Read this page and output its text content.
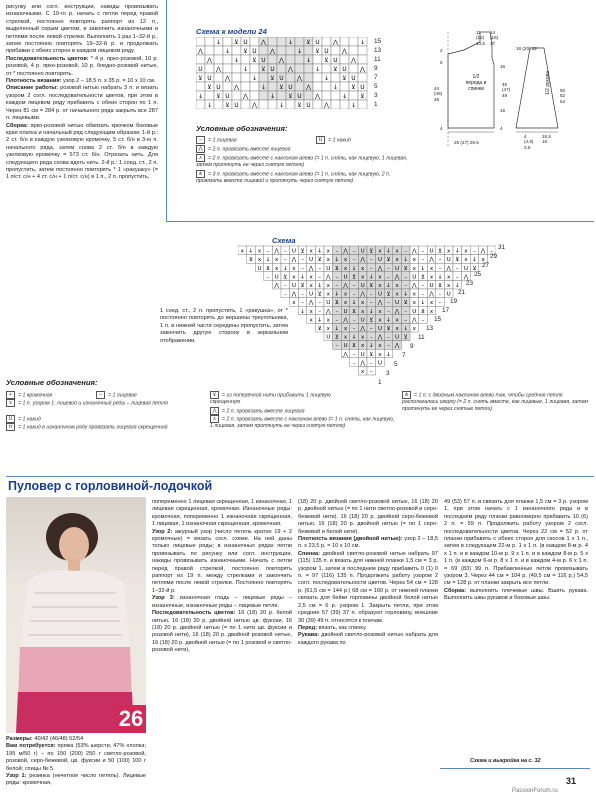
рисунку или согл. инструкции, накиды провязывать изнаночными. С 19-го р. начать с петли перед правой стрелкой, постоянно повторять раппорт из 12 п., выделенный серым цветом, и закончить изнаночными и петлями после левой стрелки. Выполнить 1 раз 1–32-й р., затем постоянно повторять 19–32-й р. и продолжать прибавки с обеих сторон в каждом лицевом ряду.

Последовательность цветов: * 4 р. ярко-розовой, 10 р. розовой, 4 р. ярко-розовой, 10 р. бледно-розовой нитью, от * постоянно повторять.

Плотность вязания: узор 2 – 18,5 п. х 35 р. = 10 х 10 см.

Описание работы: розовой нитью набрать 3 п. и вязать узором 2 согл. последовательности цветов, при этом в каждом лицевом ряду прибавить с обеих сторон по 1 п. Через 81 см = 284 р. от начального ряда закрыть все 287 п. лицевыми.

Сборка: ярко-розовой нитью обвязать крючком боковые края платка и начальный ряд следующим образом: 1-й р.: 2 ст. б/н в каждую узелковую кромочку, 5 ст. б/н в 3-ю п. начального ряда, затем снова 2 ст. б/н в каждую узелковую кромочку = 573 ст. б/н. Отрезать нить. Для следующего ряда снова вдеть нить. 2-й р.: 1 соед. ст., 2 п. пропустить, затем постоянно повторять * 1 «ракушку» (= 1 п/ст. с/н + 4 ст. с/н + 1 п/ст. с/н) в 1 п., 2 п. пропустить,

Схема к модели 24
↓ ⊻ U ⋀	↓ ⊻ U ⋀	↓
⋀	↓ ⊻ U ⋀	↓ ⊻ U ⋀
⋀	↓ ⊻ U ⋀	↓ ⊻ U ⋀
U ⋀	↓ ⊻ U ⋀	↓ ⊻ U ⋀
⊻ U ⋀	↓ ⊻ U ⋀	↓ ⊻ U
⊻ U ⋀	↓ ⊻ U ⋀	↓ ⊻ U
↓ ⊻ U ⋀	↓ ⊻ U ⋀	↓ ⊻
↓ ⊻ U ⋀	↓ ⊻ U ⋀	↓
15
13
11
9
7
5
3
1
Условные обозначения:
– = 1 лицевая	U = 1 накид
⋀ = 2 п. провязать вместе лицевой
⋏ = 2 п. провязать вместе с наклоном влево (= 1 п. снять, как лицевую, 1 лицевая, затем протянуть ее через снятую петлю)
⋔ = 3 п. провязать вместе с наклоном влево (= 1 п. снять, как лицевую, 2 п. провязать вместе лицевой и протянуть через снятую петлю)
1/2 переда и спинки	1/2 рукава
11
(12)
13,5
14
(15)
17
18 (20) 22
44
(46)
48
45
(47)
49
50
52
54
2
6
4	4
16
15
25 (27) 29,5
4
(4,5)
3,5
15,5
16
Схема
x ↓ x – ⋀ – U ⊻ x ↓ x – ⋀ – U ⊻ x ↓ x – ⋀ – U ⊻ x ↓ x – ⋀ –
⊻ x ↓ x – ⋀ – U ⊻ x ↓ x – ⋀ – U ⊻ x ↓ x – ⋀ – U ⊻ x ↓ x
U ⊻ x ↓ x – ⋀ – U ⊻ x ↓ x – ⋀ – U ⊻ x ↓ x – ⋀ – U ⊻
– U ⊻ x ↓ x – ⋀ – U ⊻ x ↓ x – ⋀ – U ⊻ x ↓ x – ⋀
⋀ – U ⊻ x ↓ x – ⋀ – U ⊻ x ↓ x – ⋀ – U ⊻ x ↓
– ⋀ – U ⊻ x ↓ x – ⋀ – U ⊻ x ↓ x – ⋀ – U
x – ⋀ – U ⊻ x ↓ x – ⋀ – U ⊻ x ↓ x –
↓ x – ⋀ – U ⊻ x ↓ x – ⋀ – U ⊻ x
x ↓ x – ⋀ – U ⊻ x ↓ x – ⋀ –
⊻ x ↓ x – ⋀ – U ⊻ x ↓ x
U ⊻ x ↓ x – ⋀ – U ⊻
– U ⊻ x ↓ x – ⋀
⋀ – U ⊻ x ↓
– ⋀ – U
x –
31
29
27
25
23
21
19
17
15
13
11
9
7
5
3
1
1 соед. ст., 2 п. пропустить, 1 «ракушка», от * постоянно повторять до вершины треугольника, 1 п. в нижней части середины пропустить, затем закончить другую сторону в зеркальном отображении.
Условные обозначения:
+ = 1 кромочная	– = 1 лицевая
x = 1 п. узором 1: лицевой и изнаночный ряды – лицевая петля
U = 1 накид
⊓ = 1 накид в изнаночном ряду провязать лицевой скрещенной
⊻ = из поперечной нити прибавить 1 лицевую скрещенную
⋀ = 2 п. провязать вместе лицевой
⋏ = 2 п. провязать вместе с наклоном влево (= 1 п. снять, как лицевую, 1 лицевая, затем протянуть ее через снятую петлю)
⋔ = 1 п. с двойным наклоном влево так, чтобы средняя петля располагалась сверху (= 2 п. снять вместе, как лицевые, 1 лицевая, затем протянуть ее через снятые петли)
Пуловер с горловиной-лодочкой
26

Размеры: 40/42 (46/48) 52/54

Вам потребуется: пряжа (53% шерсти, 47% хлопка; 195 м/50 г) – по 150 (200) 250 г светло-розовой, розовой, серо-бежевой, цв. фуксии и 50 (100) 100 г белой; спицы № 5.

Узор 1: резинка (нечетное число петель). Лицевые ряды: кромочная,

попеременно 1 лицевая скрещенная, 1 изнаночная, 1 лицевая скрещенная, кромочная. Изнаночные ряды: кромочная, попеременно 1 изнаночная скрещенная, 1 лицевая, 1 изнаночная скрещенная, кромочная.

Узор 2: ажурный узор (число петель кратно 19 + 2 кромочные) = вязать согл. схеме. На ней даны только лицевые ряды; в изнаночных рядах петли провязывать по рисунку или согл. инструкции, накиды провязывать изнаночными. Начать с петли перед правой стрелкой, постоянно повторять раппорт из 19 п. между стрелками и закончить петлями после левой стрелки. Постоянно повторять 1–32-й р.

Узор 3: изнаночная гладь – лицевые ряды – изнаночные, изнаночные ряды – лицевые петли.

Последовательность цветов: 16 (18) 20 р. белой нитью, 16 (18) 20 р. двойной нитью цв. фуксии, 16 (18) 20 р. двойной нитью (= по 1 нити цв. фуксии и розовой нити), 16 (18) 20 р. двойной розовой нитью, 16 (18) 20 р. двойной нитью (= по 1 розовой и светло-розовой нити),

(18) 20 р. двойной светло-розовой нитью, 16 (18) 20 р. двойной нитью (= по 1 нити светло-розовой и серо-бежевой нити), 16 (18) 20 р. двойной серо-бежевой нитью, 16 (18) 20 р. двойной нитью (= по 1 серо-бежевой и белой нити).

Плотность вязания (двойной нитью): узор 2 – 18,5 п. х 23,5 р. = 10 х 10 см.

Спинка: двойной светло-розовой нитью набрать 97 (115) 135 п. и вязать для нижней планки 1,5 см = 3 р. узором 1, затем в последнем ряду прибавить 0 (1) 0 п. = 97 (116) 135 п. Продолжить работу узором 2 согл. последовательности цветов. Через 54 см = 128 р. (61,5 см = 144 р.) 68 см = 160 р. от нижней планки связать для бейки горловины двойной белой нитью 2,5 см = 6 р. узором 1. Закрыть петли, при этом средние 57 (39) 37 п. образуют горловину, внешние 30 (39) 49 п. относятся к плечам.

Перед: вязать, как спинку.

Рукава: двойной светло-розовой нитью набрать для каждого рукава по

49 (53) 57 п. и связать для планки 1,5 см = 3 р. узором 1, при этом начать с 1 изнаночного ряда и в последнем ряду планки равномерно прибавить 10 (6) 2 п. = 59 п. Продолжить работу узором 2 согл. последовательности цветов. Через 22 см = 52 р. от планки прибавить с обеих сторон для скосов 1 х 1 п., затем в следующем 22-м р. 1 х 1 п. (в каждом 8-м р. 4 х 1 п. и в каждом 10-м р. 9 х 1 п. и в каждом 8-м р. 5 х 1 п. (в каждом 6-м р. 8 х 1 п. и в каждом 4-м р. 6 х 1 п. = 69 (83) 99 п. Прибавленные петли провязывать узором 3. Через 44 см = 104 р. (49,5 см = 116 р.) 54,5 см = 128 р. от планки закрыть все петли.

Сборка: выполнить плечевые швы. Вшить рукава. Выполнить швы рукавов и боковые швы.

Схема и выкройка на с. 32
31
PassionForum.ru
